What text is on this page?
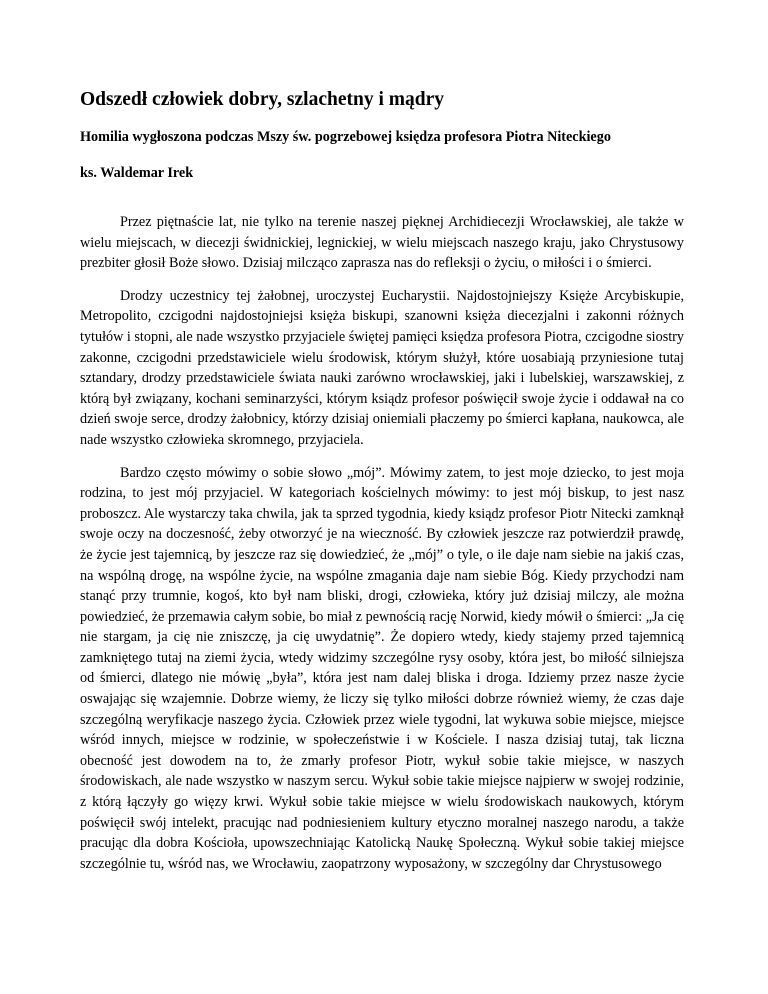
Odszedł człowiek dobry, szlachetny i mądry

Homilia wygłoszona podczas Mszy św. pogrzebowej księdza profesora Piotra Niteckiego

ks. Waldemar Irek

Przez piętnaście lat, nie tylko na terenie naszej pięknej Archidiecezji Wrocławskiej, ale także w wielu miejscach, w diecezji świdnickiej, legnickiej, w wielu miejscach naszego kraju, jako Chrystusowy prezbiter głosił Boże słowo. Dzisiaj milcząco zaprasza nas do refleksji o życiu, o miłości i o śmierci.

Drodzy uczestnicy tej żałobnej, uroczystej Eucharystii. Najdostojniejszy Księże Arcybiskupie, Metropolito, czcigodni najdostojniejsi księża biskupi, szanowni księża diecezjalni i zakonni różnych tytułów i stopni, ale nade wszystko przyjaciele świętej pamięci księdza profesora Piotra, czcigodne siostry zakonne, czcigodni przedstawiciele wielu środowisk, którym służył, które uosabiają przyniesione tutaj sztandary, drodzy przedstawiciele świata nauki zarówno wrocławskiej, jaki i lubelskiej, warszawskiej, z którą był związany, kochani seminarzyści, którym ksiądz profesor poświęcił swoje życie i oddawał na co dzień swoje serce, drodzy żałobnicy, którzy dzisiaj oniemiali płaczemy po śmierci kapłana, naukowca, ale nade wszystko człowieka skromnego, przyjaciela.

Bardzo często mówimy o sobie słowo „mój”. Mówimy zatem, to jest moje dziecko, to jest moja rodzina, to jest mój przyjaciel. W kategoriach kościelnych mówimy: to jest mój biskup, to jest nasz proboszcz. Ale wystarczy taka chwila, jak ta sprzed tygodnia, kiedy ksiądz profesor Piotr Nitecki zamknął swoje oczy na doczesność, żeby otworzyć je na wieczność. By człowiek jeszcze raz potwierdził prawdę, że życie jest tajemnicą, by jeszcze raz się dowiedzieć, że „mój” o tyle, o ile daje nam siebie na jakiś czas, na wspólną drogę, na wspólne życie, na wspólne zmagania daje nam siebie Bóg. Kiedy przychodzi nam stanąć przy trumnie, kogoś, kto był nam bliski, drogi, człowieka, który już dzisiaj milczy, ale można powiedzieć, że przemawia całym sobie, bo miał z pewnością rację Norwid, kiedy mówił o śmierci: „Ja cię nie stargam, ja cię nie zniszczę, ja cię uwydatnię”. Że dopiero wtedy, kiedy stajemy przed tajemnicą zamkniętego tutaj na ziemi życia, wtedy widzimy szczególne rysy osoby, która jest, bo miłość silniejsza od śmierci, dlatego nie mówię „była”, która jest nam dalej bliska i droga. Idziemy przez nasze życie oswajając się wzajemnie. Dobrze wiemy, że liczy się tylko miłości dobrze również wiemy, że czas daje szczególną weryfikacje naszego życia. Człowiek przez wiele tygodni, lat wykuwa sobie miejsce, miejsce wśród innych, miejsce w rodzinie, w społeczeństwie i w Kościele. I nasza dzisiaj tutaj, tak liczna obecność jest dowodem na to, że zmarły profesor Piotr, wykuł sobie takie miejsce, w naszych środowiskach, ale nade wszystko w naszym sercu. Wykuł sobie takie miejsce najpierw w swojej rodzinie, z którą łączyły go więzy krwi. Wykuł sobie takie miejsce w wielu środowiskach naukowych, którym poświęcił swój intelekt, pracując nad podniesieniem kultury etyczno moralnej naszego narodu, a także pracując dla dobra Kościoła, upowszechniając Katolicką Naukę Społeczną. Wykuł sobie takiej miejsce szczególnie tu, wśród nas, we Wrocławiu, zaopatrzony wyposażony, w szczególny dar Chrystusowego
